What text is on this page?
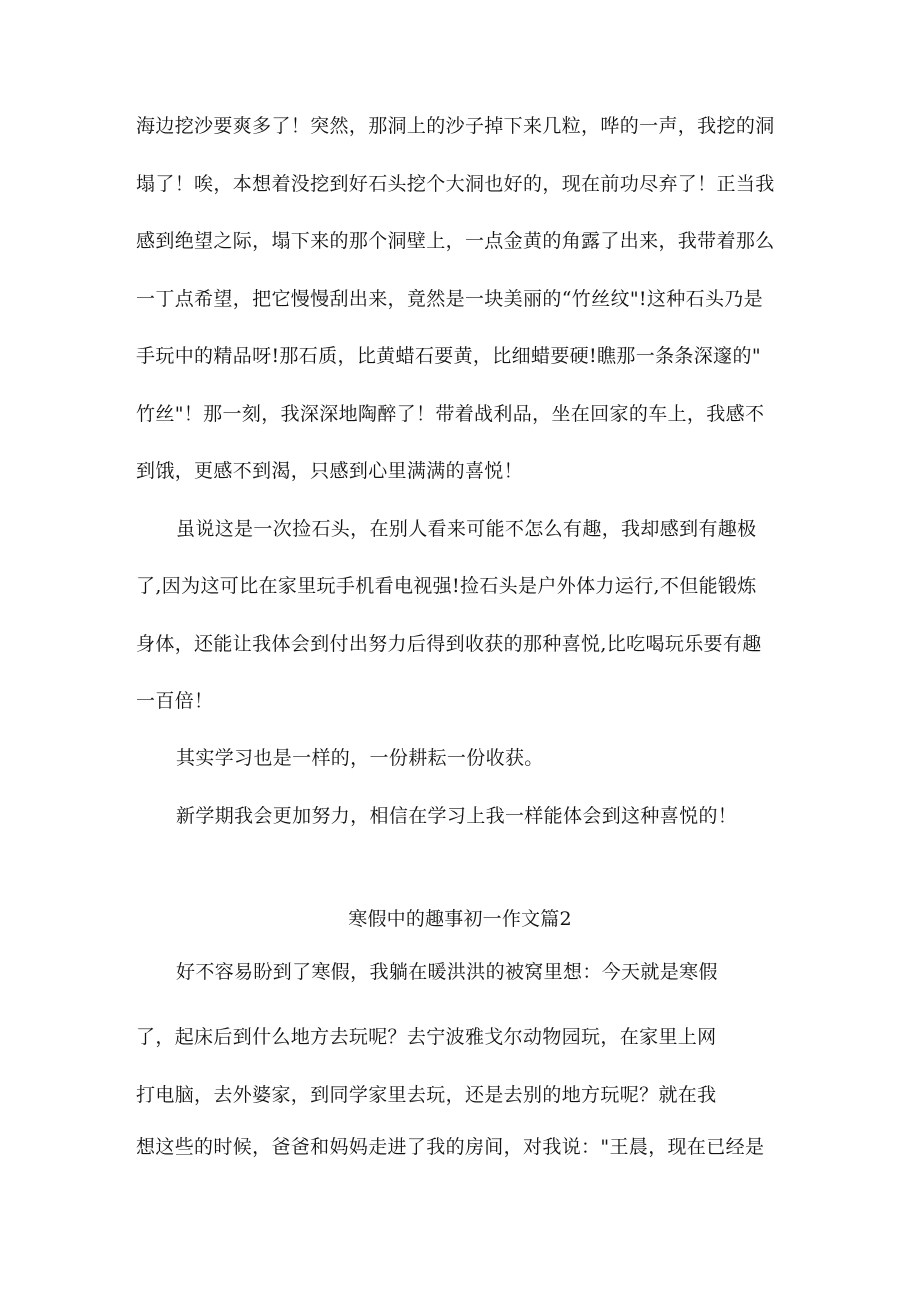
海边挖沙要爽多了！突然，那洞上的沙子掉下来几粒，哗的一声，我挖的洞
塌了！唉，本想着没挖到好石头挖个大洞也好的，现在前功尽弃了！正当我
感到绝望之际，塌下来的那个洞壁上，一点金黄的角露了出来，我带着那么
一丁点希望，把它慢慢刮出来，竟然是一块美丽的“竹丝纹"!这种石头乃是
手玩中的精品呀!那石质，比黄蜡石要黄，比细蜡要硬!瞧那一条条深邃的"
竹丝"！那一刻，我深深地陶醉了！带着战利品，坐在回家的车上，我感不
到饿，更感不到渴，只感到心里满满的喜悦！
虽说这是一次捡石头，在别人看来可能不怎么有趣，我却感到有趣极
了,因为这可比在家里玩手机看电视强!捡石头是户外体力运行,不但能锻炼
身体，还能让我体会到付出努力后得到收获的那种喜悦,比吃喝玩乐要有趣
一百倍！
其实学习也是一样的，一份耕耘一份收获。
新学期我会更加努力，相信在学习上我一样能体会到这种喜悦的！
寒假中的趣事初一作文篇2
好不容易盼到了寒假，我躺在暖洪洪的被窝里想：今天就是寒假
了，起床后到什么地方去玩呢？去宁波雅戈尔动物园玩，在家里上网
打电脑，去外婆家，到同学家里去玩，还是去别的地方玩呢？就在我
想这些的时候，爸爸和妈妈走进了我的房间，对我说："王晨，现在已经是
